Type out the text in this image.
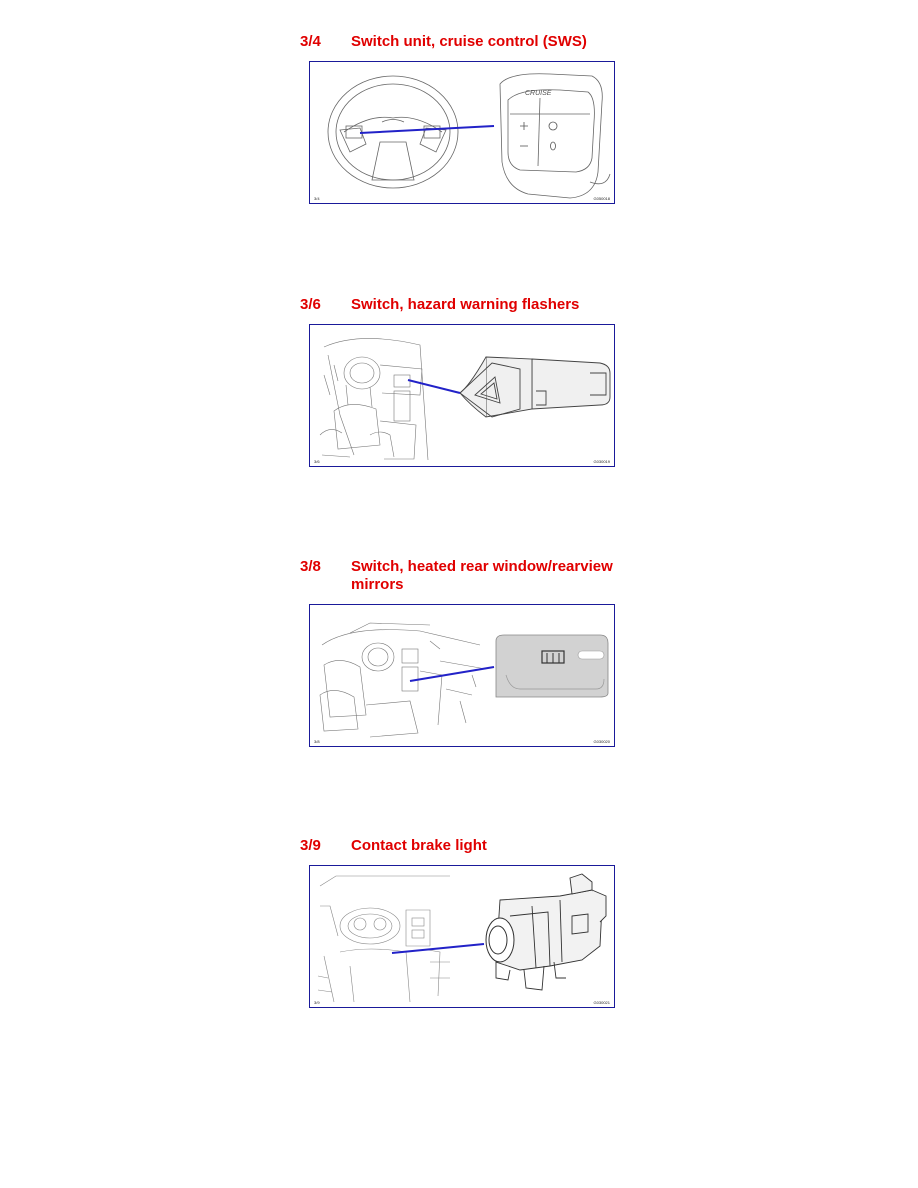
3/4	Switch unit, cruise control (SWS)
CRUISE
3/4	G050018
3/6	Switch, hazard warning flashers
3/6	G030019
3/8	Switch, heated rear window/rearview mirrors
3/8	G030020
3/9	Contact brake light
3/9	G030021
